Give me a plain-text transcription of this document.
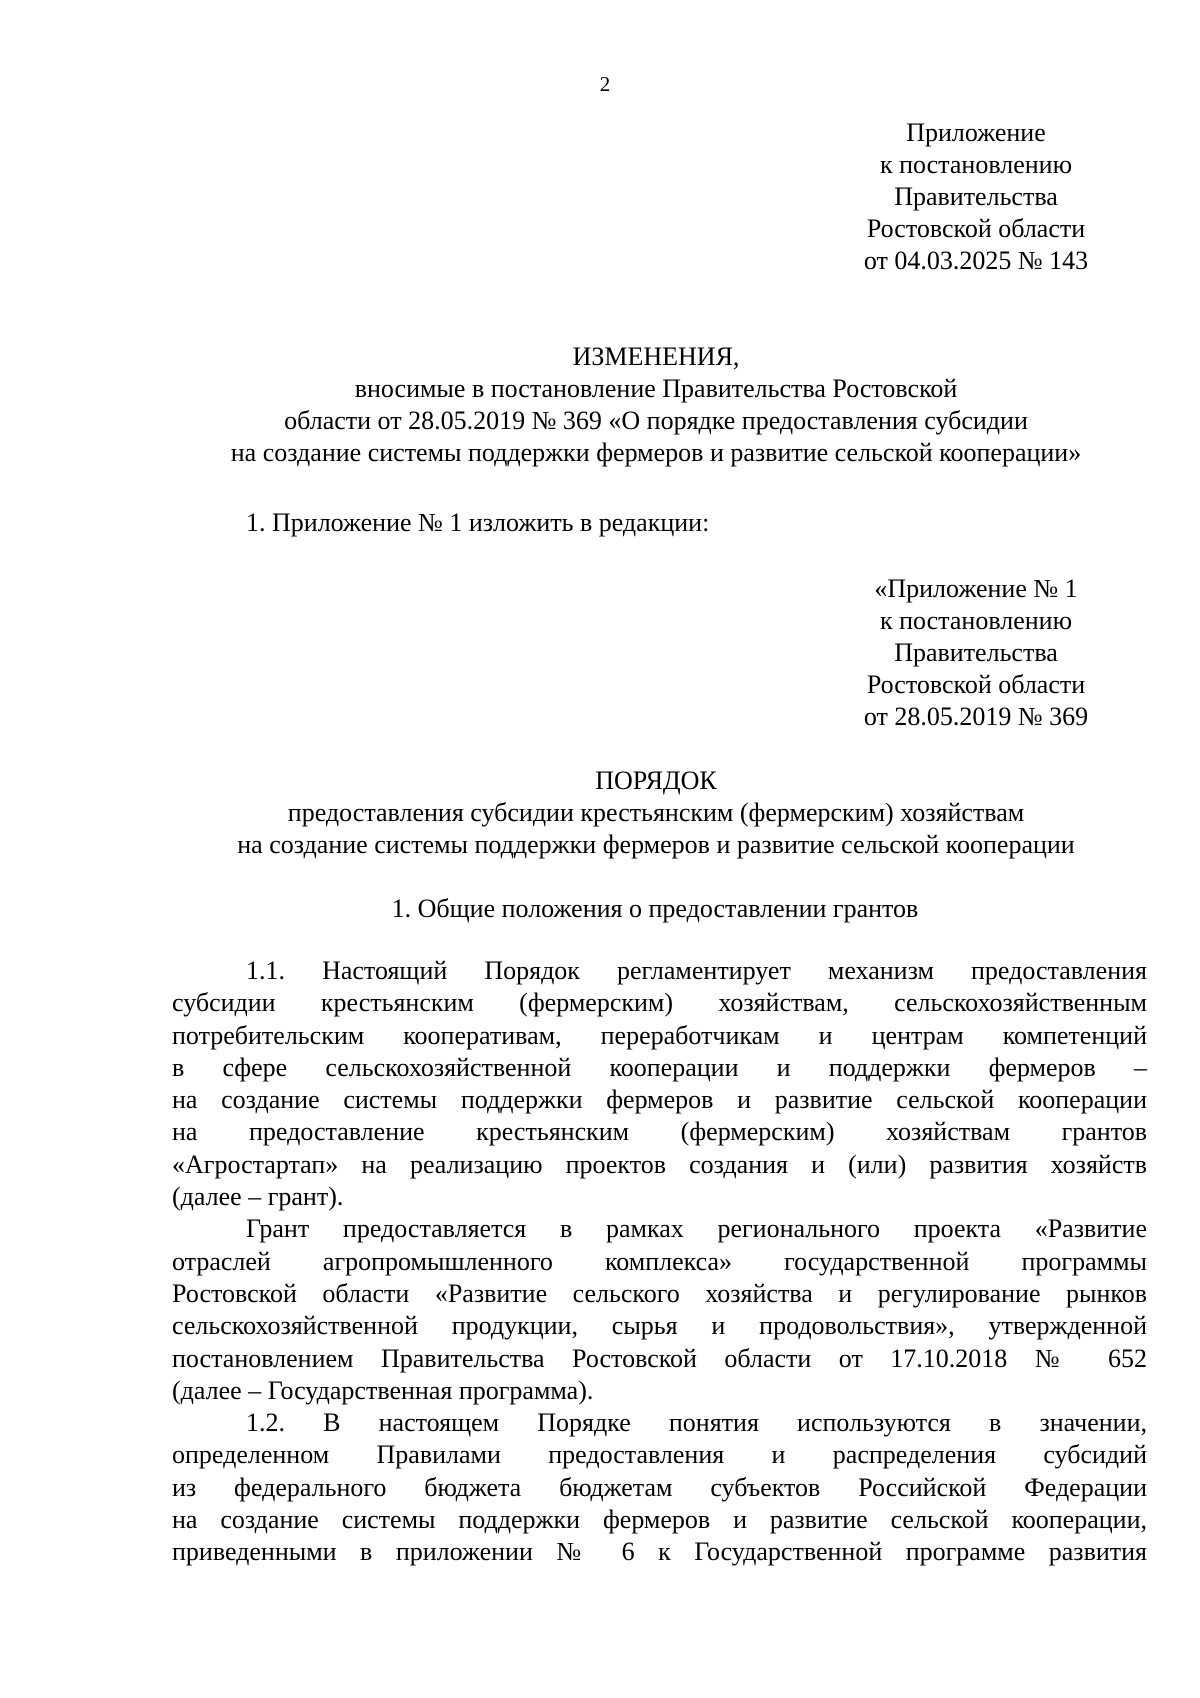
2
Приложение
к постановлению
Правительства
Ростовской области
от 04.03.2025 № 143
ИЗМЕНЕНИЯ,
вносимые в постановление Правительства Ростовской
области от 28.05.2019 № 369 «О порядке предоставления субсидии
на создание системы поддержки фермеров и развитие сельской кооперации»
1. Приложение № 1 изложить в редакции:
«Приложение № 1
к постановлению
Правительства
Ростовской области
от 28.05.2019 № 369
ПОРЯДОК
предоставления субсидии крестьянским (фермерским) хозяйствам
на создание системы поддержки фермеров и развитие сельской кооперации
1. Общие положения о предоставлении грантов
1.1. Настоящий Порядок регламентирует механизм предоставления
субсидии крестьянским (фермерским) хозяйствам, сельскохозяйственным
потребительским кооперативам, переработчикам и центрам компетенций
в сфере сельскохозяйственной кооперации и поддержки фермеров –
на создание системы поддержки фермеров и развитие сельской кооперации
на предоставление крестьянским (фермерским) хозяйствам грантов
«Агростартап» на реализацию проектов создания и (или) развития хозяйств
(далее – грант).
Грант предоставляется в рамках регионального проекта «Развитие
отраслей агропромышленного комплекса» государственной программы
Ростовской области «Развитие сельского хозяйства и регулирование рынков
сельскохозяйственной продукции, сырья и продовольствия», утвержденной
постановлением Правительства Ростовской области от 17.10.2018 № 652
(далее – Государственная программа).
1.2. В настоящем Порядке понятия используются в значении,
определенном Правилами предоставления и распределения субсидий
из федерального бюджета бюджетам субъектов Российской Федерации
на создание системы поддержки фермеров и развитие сельской кооперации,
приведенными в приложении № 6 к Государственной программе развития
